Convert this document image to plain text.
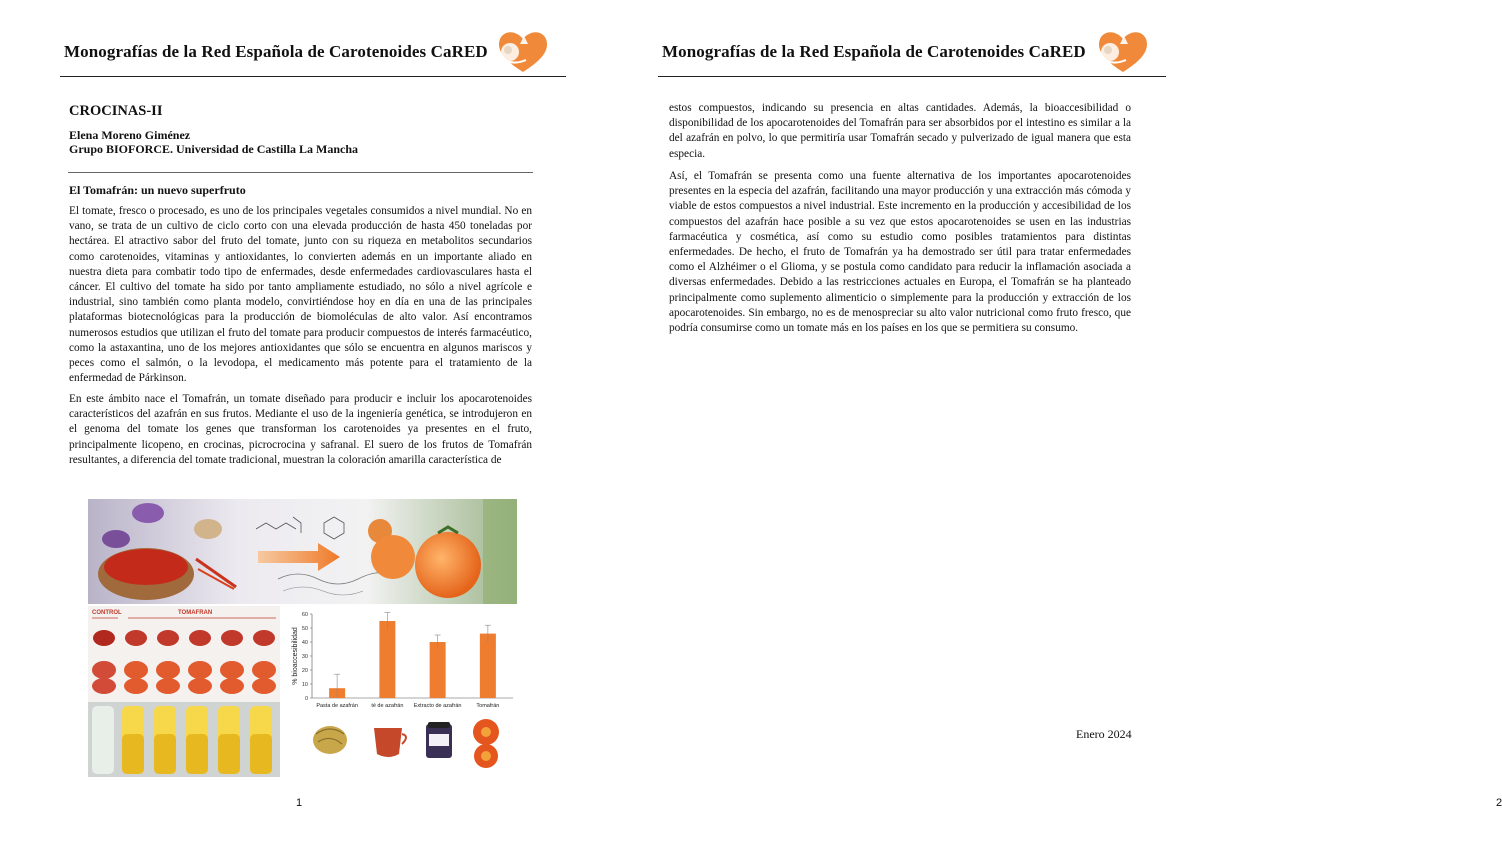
Monografías de la Red Española de Carotenoides CaRED
CROCINAS-II
Elena Moreno Giménez
Grupo BIOFORCE. Universidad de Castilla La Mancha
El Tomafrán: un nuevo superfruto

El tomate, fresco o procesado, es uno de los principales vegetales consumidos a nivel mundial. No en vano, se trata de un cultivo de ciclo corto con una elevada producción de hasta 450 toneladas por hectárea. El atractivo sabor del fruto del tomate, junto con su riqueza en metabolitos secundarios como carotenoides, vitaminas y antioxidantes, lo convierten además en un importante aliado en nuestra dieta para combatir todo tipo de enfermades, desde enfermedades cardiovasculares hasta el cáncer. El cultivo del tomate ha sido por tanto ampliamente estudiado, no sólo a nivel agrícole e industrial, sino también como planta modelo, convirtiéndose hoy en día en una de las principales plataformas biotecnológicas para la producción de biomoléculas de alto valor. Así encontramos numerosos estudios que utilizan el fruto del tomate para producir compuestos de interés farmacéutico, como la astaxantina, uno de los mejores antioxidantes que sólo se encuentra en algunos mariscos y peces como el salmón, o la levodopa, el medicamento más potente para el tratamiento de la enfermedad de Párkinson.

En este ámbito nace el Tomafrán, un tomate diseñado para producir e incluir los apocarotenoides característicos del azafrán en sus frutos. Mediante el uso de la ingeniería genética, se introdujeron en el genoma del tomate los genes que transforman los carotenoides ya presentes en el fruto, principalmente licopeno, en crocinas, picrocrocina y safranal. El suero de los frutos de Tomafrán resultantes, a diferencia del tomate tradicional, muestran la coloración amarilla característica de

CONTROL	TOMAFRAN
0
10
20
30
40
50
60
% bioaccesibilidad
Pasta de azafrán té de azafrán Extracto de azafrán	Tomafrán
1
Monografías de la Red Española de Carotenoides CaRED
2

estos compuestos, indicando su presencia en altas cantidades. Además, la bioaccesibilidad o disponibilidad de los apocarotenoides del Tomafrán para ser absorbidos por el intestino es similar a la del azafrán en polvo, lo que permitiría usar Tomafrán secado y pulverizado de igual manera que esta especia.

Así, el Tomafrán se presenta como una fuente alternativa de los importantes apocarotenoides presentes en la especia del azafrán, facilitando una mayor producción y una extracción más cómoda y viable de estos compuestos a nivel industrial. Este incremento en la producción y accesibilidad de los compuestos del azafrán hace posible a su vez que estos apocarotenoides se usen en las industrias farmacéutica y cosmética, así como su estudio como posibles tratamientos para distintas enfermedades. De hecho, el fruto de Tomafrán ya ha demostrado ser útil para tratar enfermedades como el Alzhéimer o el Glioma, y se postula como candidato para reducir la inflamación asociada a diversas enfermedades. Debido a las restricciones actuales en Europa, el Tomafrán se ha planteado principalmente como suplemento alimenticio o simplemente para la producción y extracción de los apocarotenoides. Sin embargo, no es de menospreciar su alto valor nutricional como fruto fresco, que podría consumirse como un tomate más en los países en los que se permitiera su consumo.

Enero 2024
